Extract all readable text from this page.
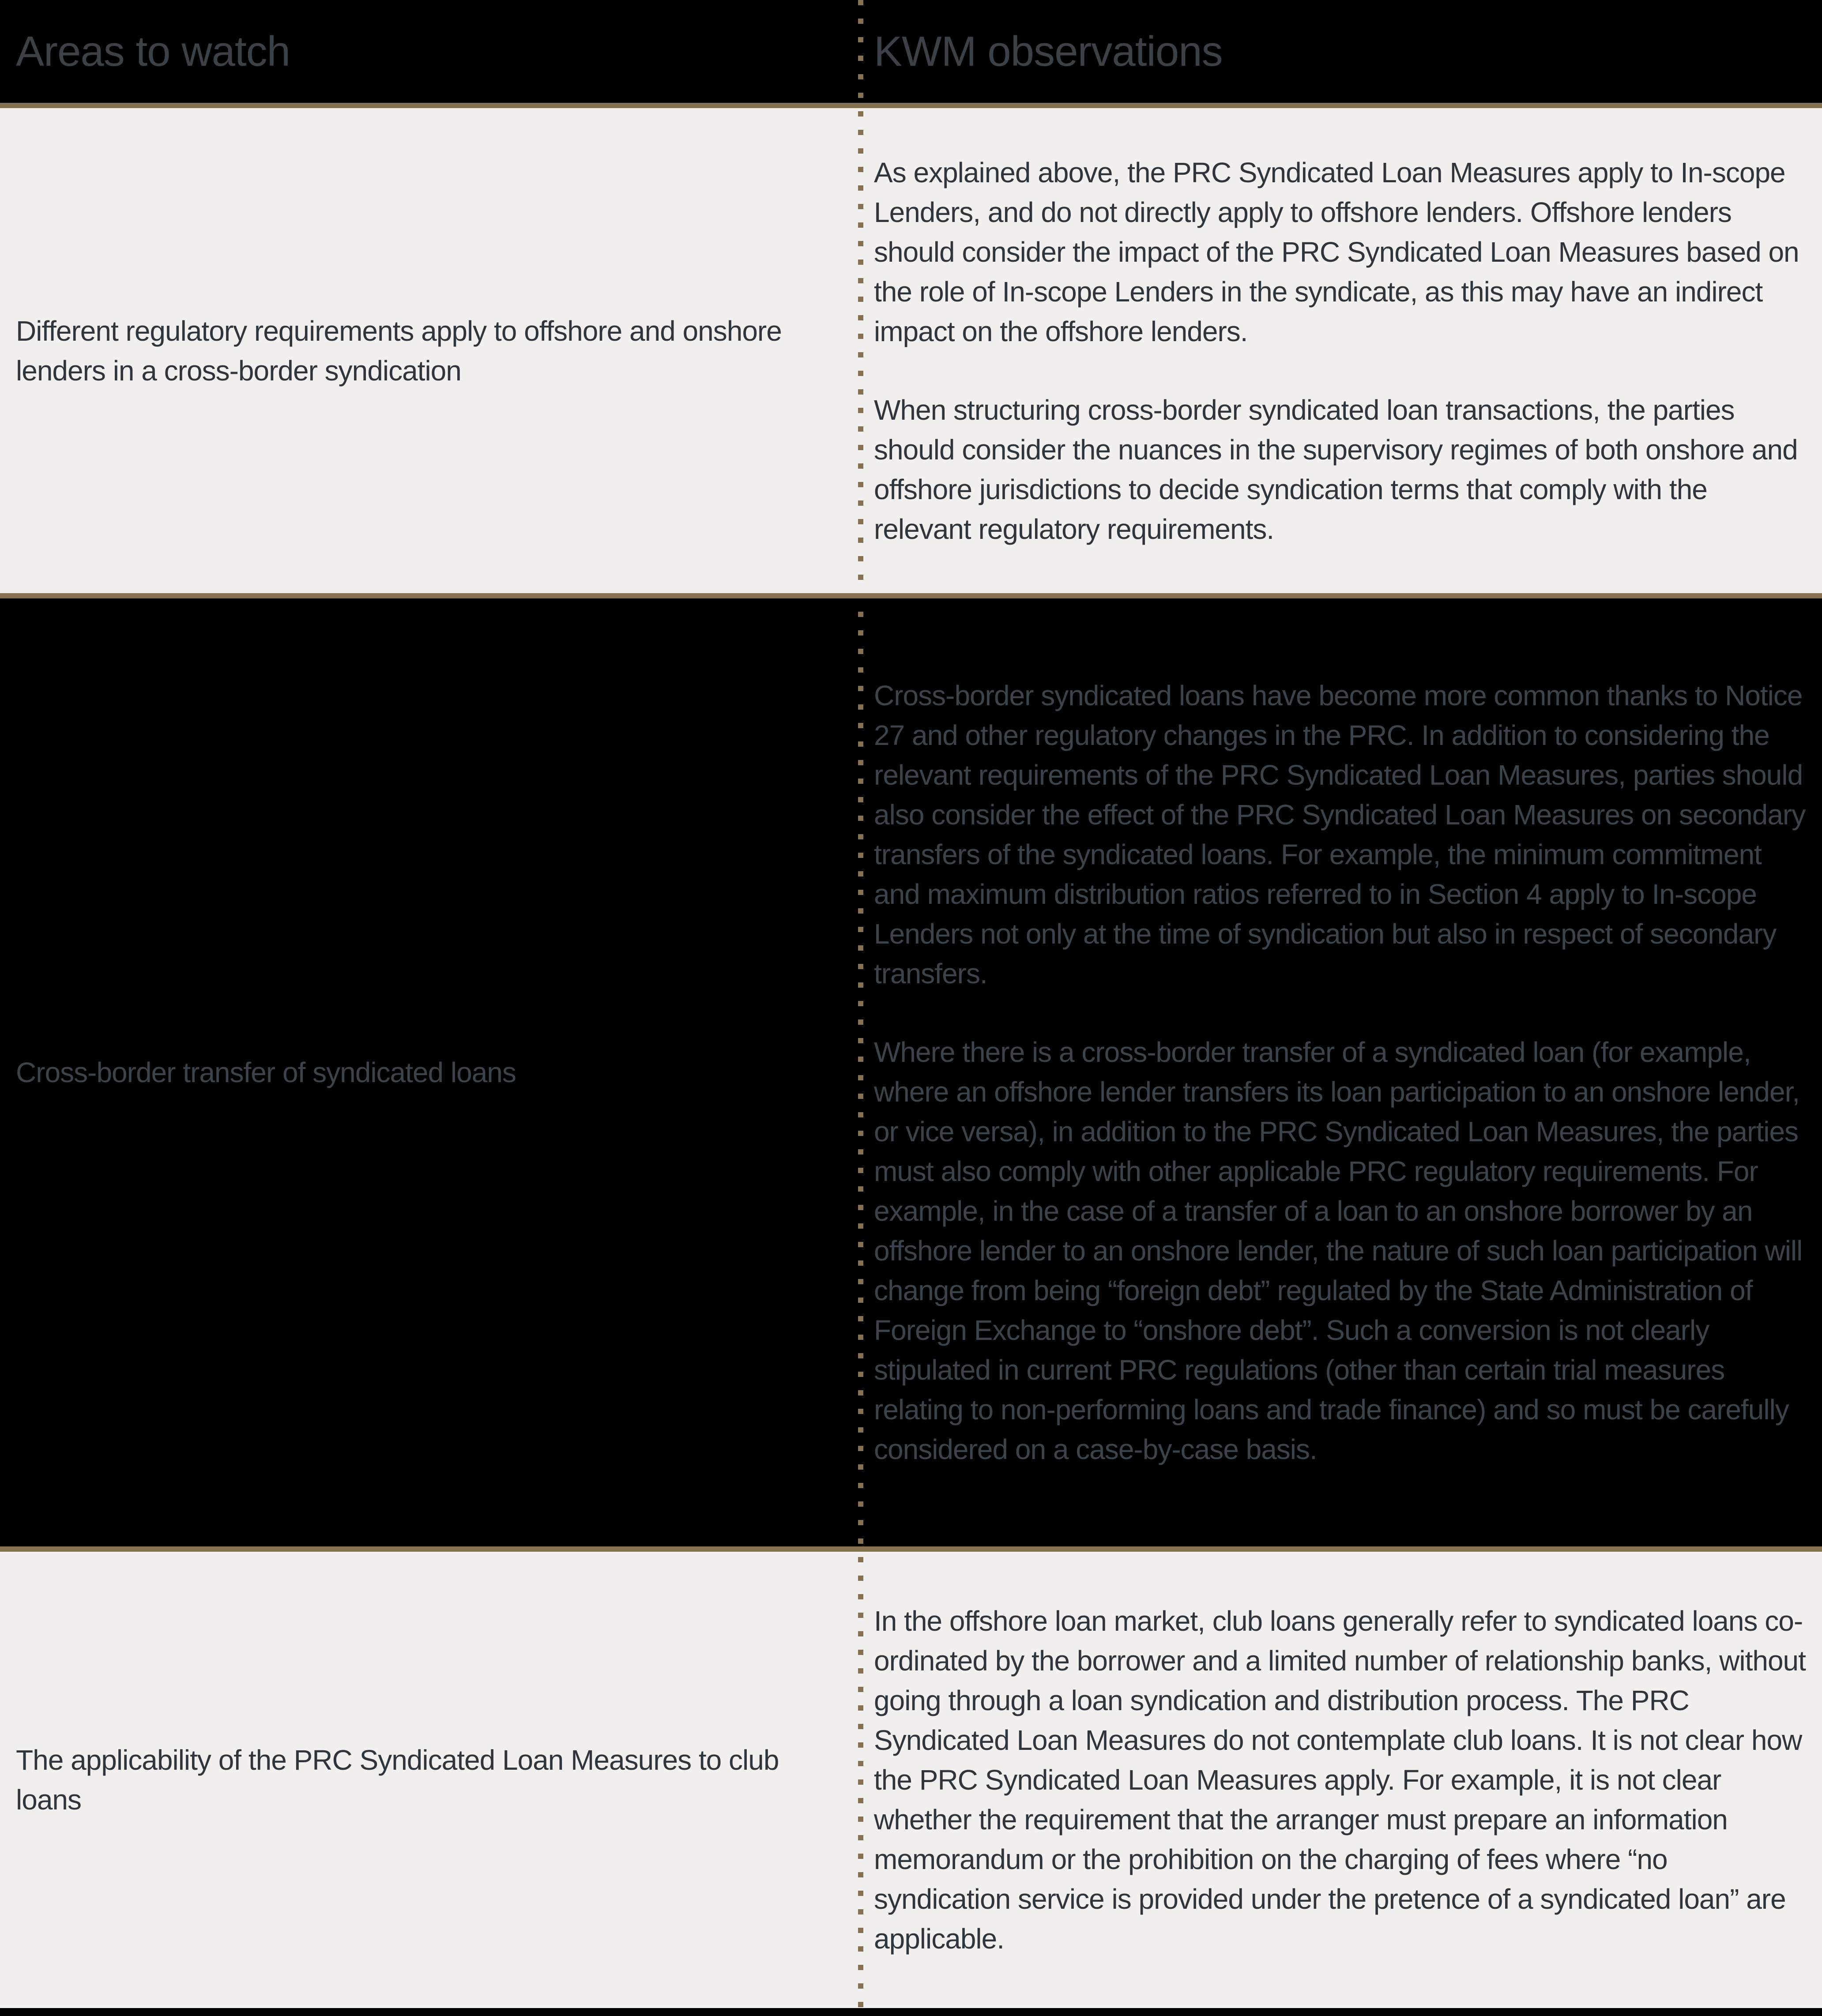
Areas to watch	KWM observations
Different regulatory requirements apply to offshore and onshore lenders in a cross-border syndication

As explained above, the PRC Syndicated Loan Measures apply to In-scope Lenders, and do not directly apply to offshore lenders. Offshore lenders should consider the impact of the PRC Syndicated Loan Measures based on the role of In-scope Lenders in the syndicate, as this may have an indirect impact on the offshore lenders.

When structuring cross-border syndicated loan transactions, the parties should consider the nuances in the supervisory regimes of both onshore and offshore jurisdictions to decide syndication terms that comply with the relevant regulatory requirements.

Cross-border transfer of syndicated loans

Cross-border syndicated loans have become more common thanks to Notice 27 and other regulatory changes in the PRC. In addition to considering the relevant requirements of the PRC Syndicated Loan Measures, parties should also consider the effect of the PRC Syndicated Loan Measures on secondary transfers of the syndicated loans. For example, the minimum commitment and maximum distribution ratios referred to in Section 4 apply to In-scope Lenders not only at the time of syndication but also in respect of secondary transfers.

Where there is a cross-border transfer of a syndicated loan (for example, where an offshore lender transfers its loan participation to an onshore lender, or vice versa), in addition to the PRC Syndicated Loan Measures, the parties must also comply with other applicable PRC regulatory requirements. For example, in the case of a transfer of a loan to an onshore borrower by an offshore lender to an onshore lender, the nature of such loan participation will change from being “foreign debt” regulated by the State Administration of Foreign Exchange to “onshore debt”. Such a conversion is not clearly stipulated in current PRC regulations (other than certain trial measures relating to non-performing loans and trade finance) and so must be carefully considered on a case-by-case basis.

The applicability of the PRC Syndicated Loan Measures to club loans

In the offshore loan market, club loans generally refer to syndicated loans co-ordinated by the borrower and a limited number of relationship banks, without going through a loan syndication and distribution process. The PRC Syndicated Loan Measures do not contemplate club loans. It is not clear how the PRC Syndicated Loan Measures apply. For example, it is not clear whether the requirement that the arranger must prepare an information memorandum or the prohibition on the charging of fees where “no syndication service is provided under the pretence of a syndicated loan” are applicable.
